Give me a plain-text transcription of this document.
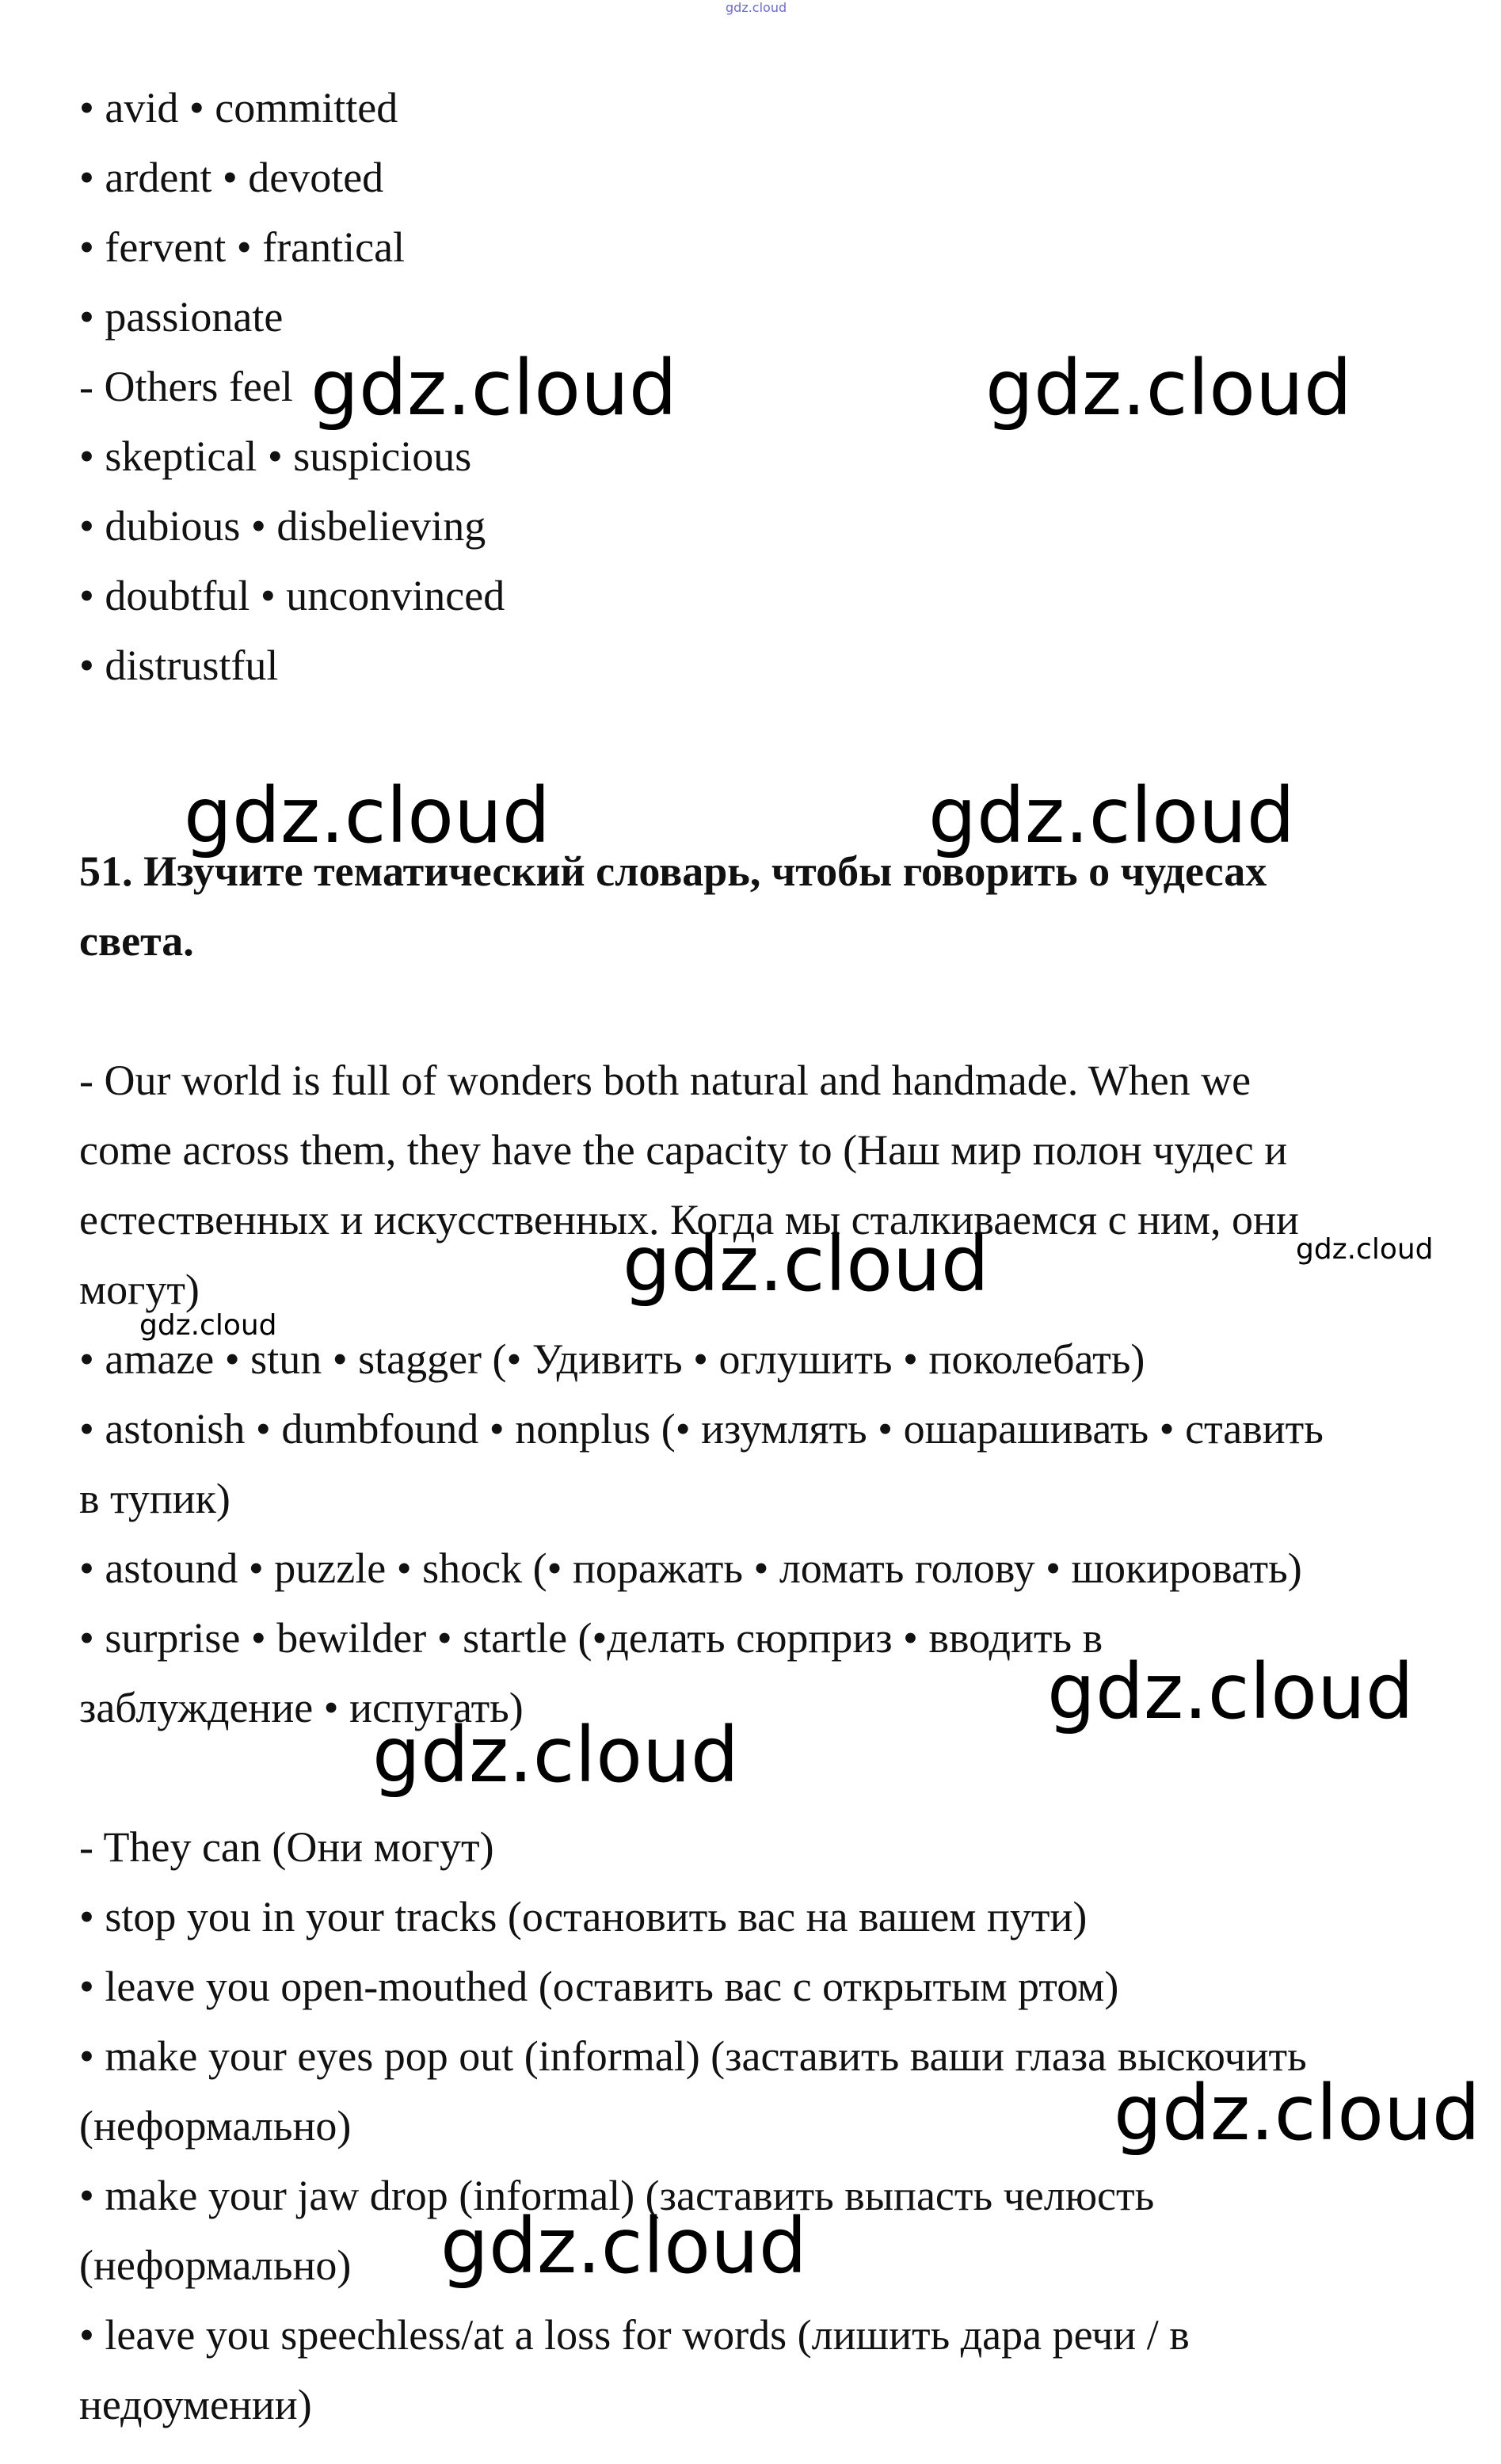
gdz.cloud
• avid • committed
• ardent • devoted
• fervent • frantical
• passionate
- Others feel
• skeptical • suspicious
• dubious • disbelieving
• doubtful • unconvinced
• distrustful
51. Изучите тематический словарь, чтобы говорить о чудесах
света.
- Our world is full of wonders both natural and handmade. When we
come across them, they have the capacity to (Наш мир полон чудес и
естественных и искусственных. Когда мы сталкиваемся с ним, они
могут)
• amaze • stun • stagger (• Удивить • оглушить • поколебать)
• astonish • dumbfound • nonplus (• изумлять • ошарашивать • ставить
в тупик)
• astound • puzzle • shock (• поражать • ломать голову • шокировать)
• surprise • bewilder • startle (•делать сюрприз • вводить в
заблуждение • испугать)
- They can (Они могут)
• stop you in your tracks (остановить вас на вашем пути)
• leave you open-mouthed (оставить вас с открытым ртом)
• make your eyes pop out (informal) (заставить ваши глаза выскочить
(неформально)
• make your jaw drop (informal) (заставить выпасть челюсть
(неформально)
• leave you speechless/at a loss for words (лишить дара речи / в
недоумении)
gdz.cloud	gdz.cloud
gdz.cloud	gdz.cloud
gdz.cloud	gdz.cloud
gdz.cloud
gdz.cloud
gdz.cloud
gdz.cloud
gdz.cloud
